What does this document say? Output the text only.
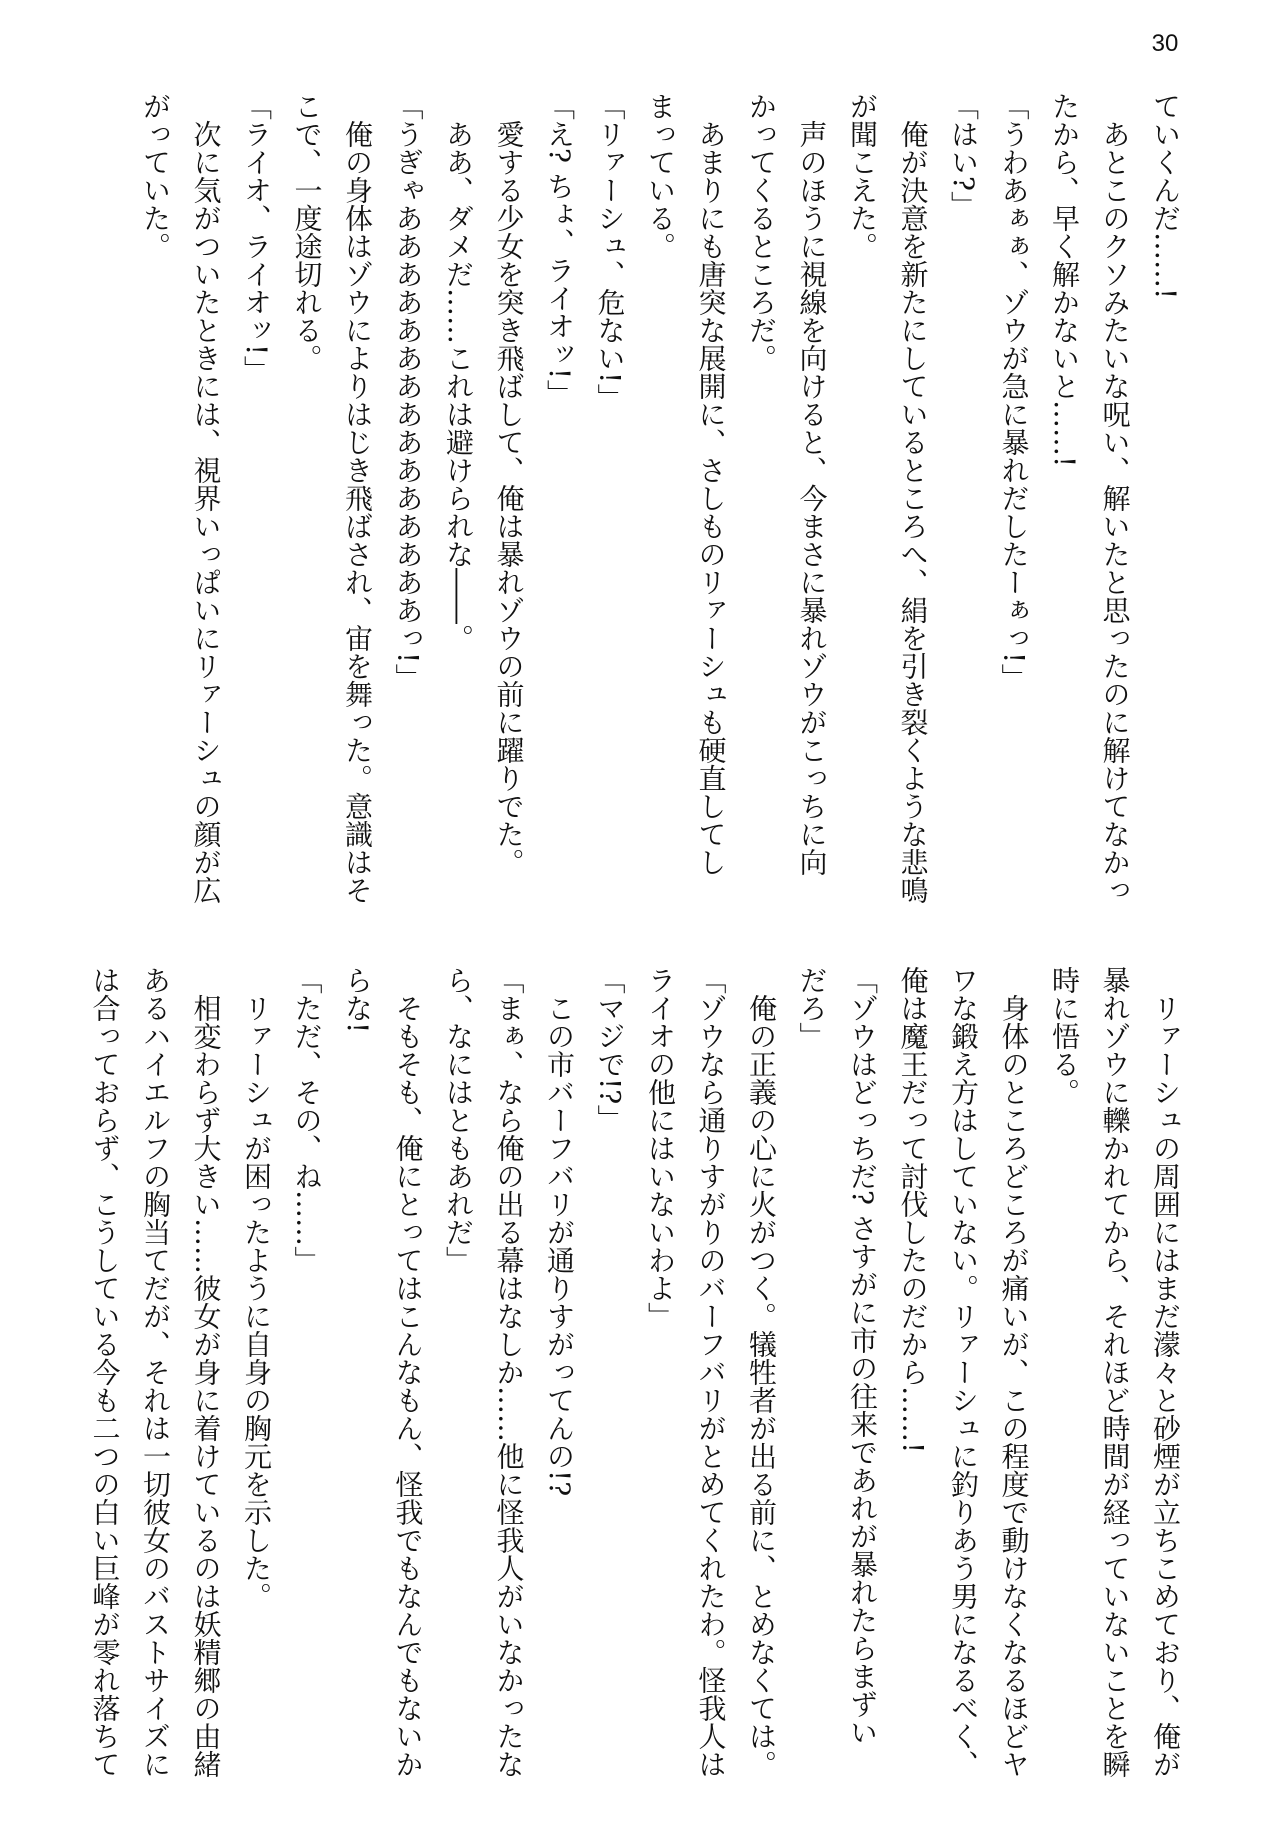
30
ていくんだ……!
　あとこのクソみたいな呪い、解いたと思ったのに解けてなかっ
たから、早く解かないと……!
「うわあぁぁ、ゾウが急に暴れだしたーぁっ!」
「はい?」
　俺が決意を新たにしているところへ、絹を引き裂くような悲鳴
が聞こえた。
　声のほうに視線を向けると、今まさに暴れゾウがこっちに向
かってくるところだ。
　あまりにも唐突な展開に、さしものリァーシュも硬直してし
まっている。
「リァーシュ、危ない!」
「え? ちょ、ライオッ!」
　愛する少女を突き飛ばして、俺は暴れゾウの前に躍りでた。
　ああ、ダメだ……これは避けられな――。
「うぎゃあああああああああああああああっ!」
　俺の身体はゾウによりはじき飛ばされ、宙を舞った。意識はそ
こで、一度途切れる。
「ライオ、ライオッ!」
　次に気がついたときには、視界いっぱいにリァーシュの顔が広
がっていた。
　リァーシュの周囲にはまだ濛々と砂煙が立ちこめており、俺が
暴れゾウに轢かれてから、それほど時間が経っていないことを瞬
時に悟る。
　身体のところどころが痛いが、この程度で動けなくなるほどヤ
ワな鍛え方はしていない。リァーシュに釣りあう男になるべく、
俺は魔王だって討伐したのだから……!
「ゾウはどっちだ? さすがに市の往来であれが暴れたらまずい
だろ」
　俺の正義の心に火がつく。犠牲者が出る前に、とめなくては。
「ゾウなら通りすがりのバーフバリがとめてくれたわ。怪我人は
ライオの他にはいないわよ」
「マジで!?」
　この市バーフバリが通りすがってんの!?
「まぁ、なら俺の出る幕はなしか……他に怪我人がいなかったな
ら、なにはともあれだ」
　そもそも、俺にとってはこんなもん、怪我でもなんでもないか
らな!
「ただ、その、ね……」
　リァーシュが困ったように自身の胸元を示した。
　相変わらず大きい……彼女が身に着けているのは妖精郷の由緒
あるハイエルフの胸当てだが、それは一切彼女のバストサイズに
は合っておらず、こうしている今も二つの白い巨峰が零れ落ちて
